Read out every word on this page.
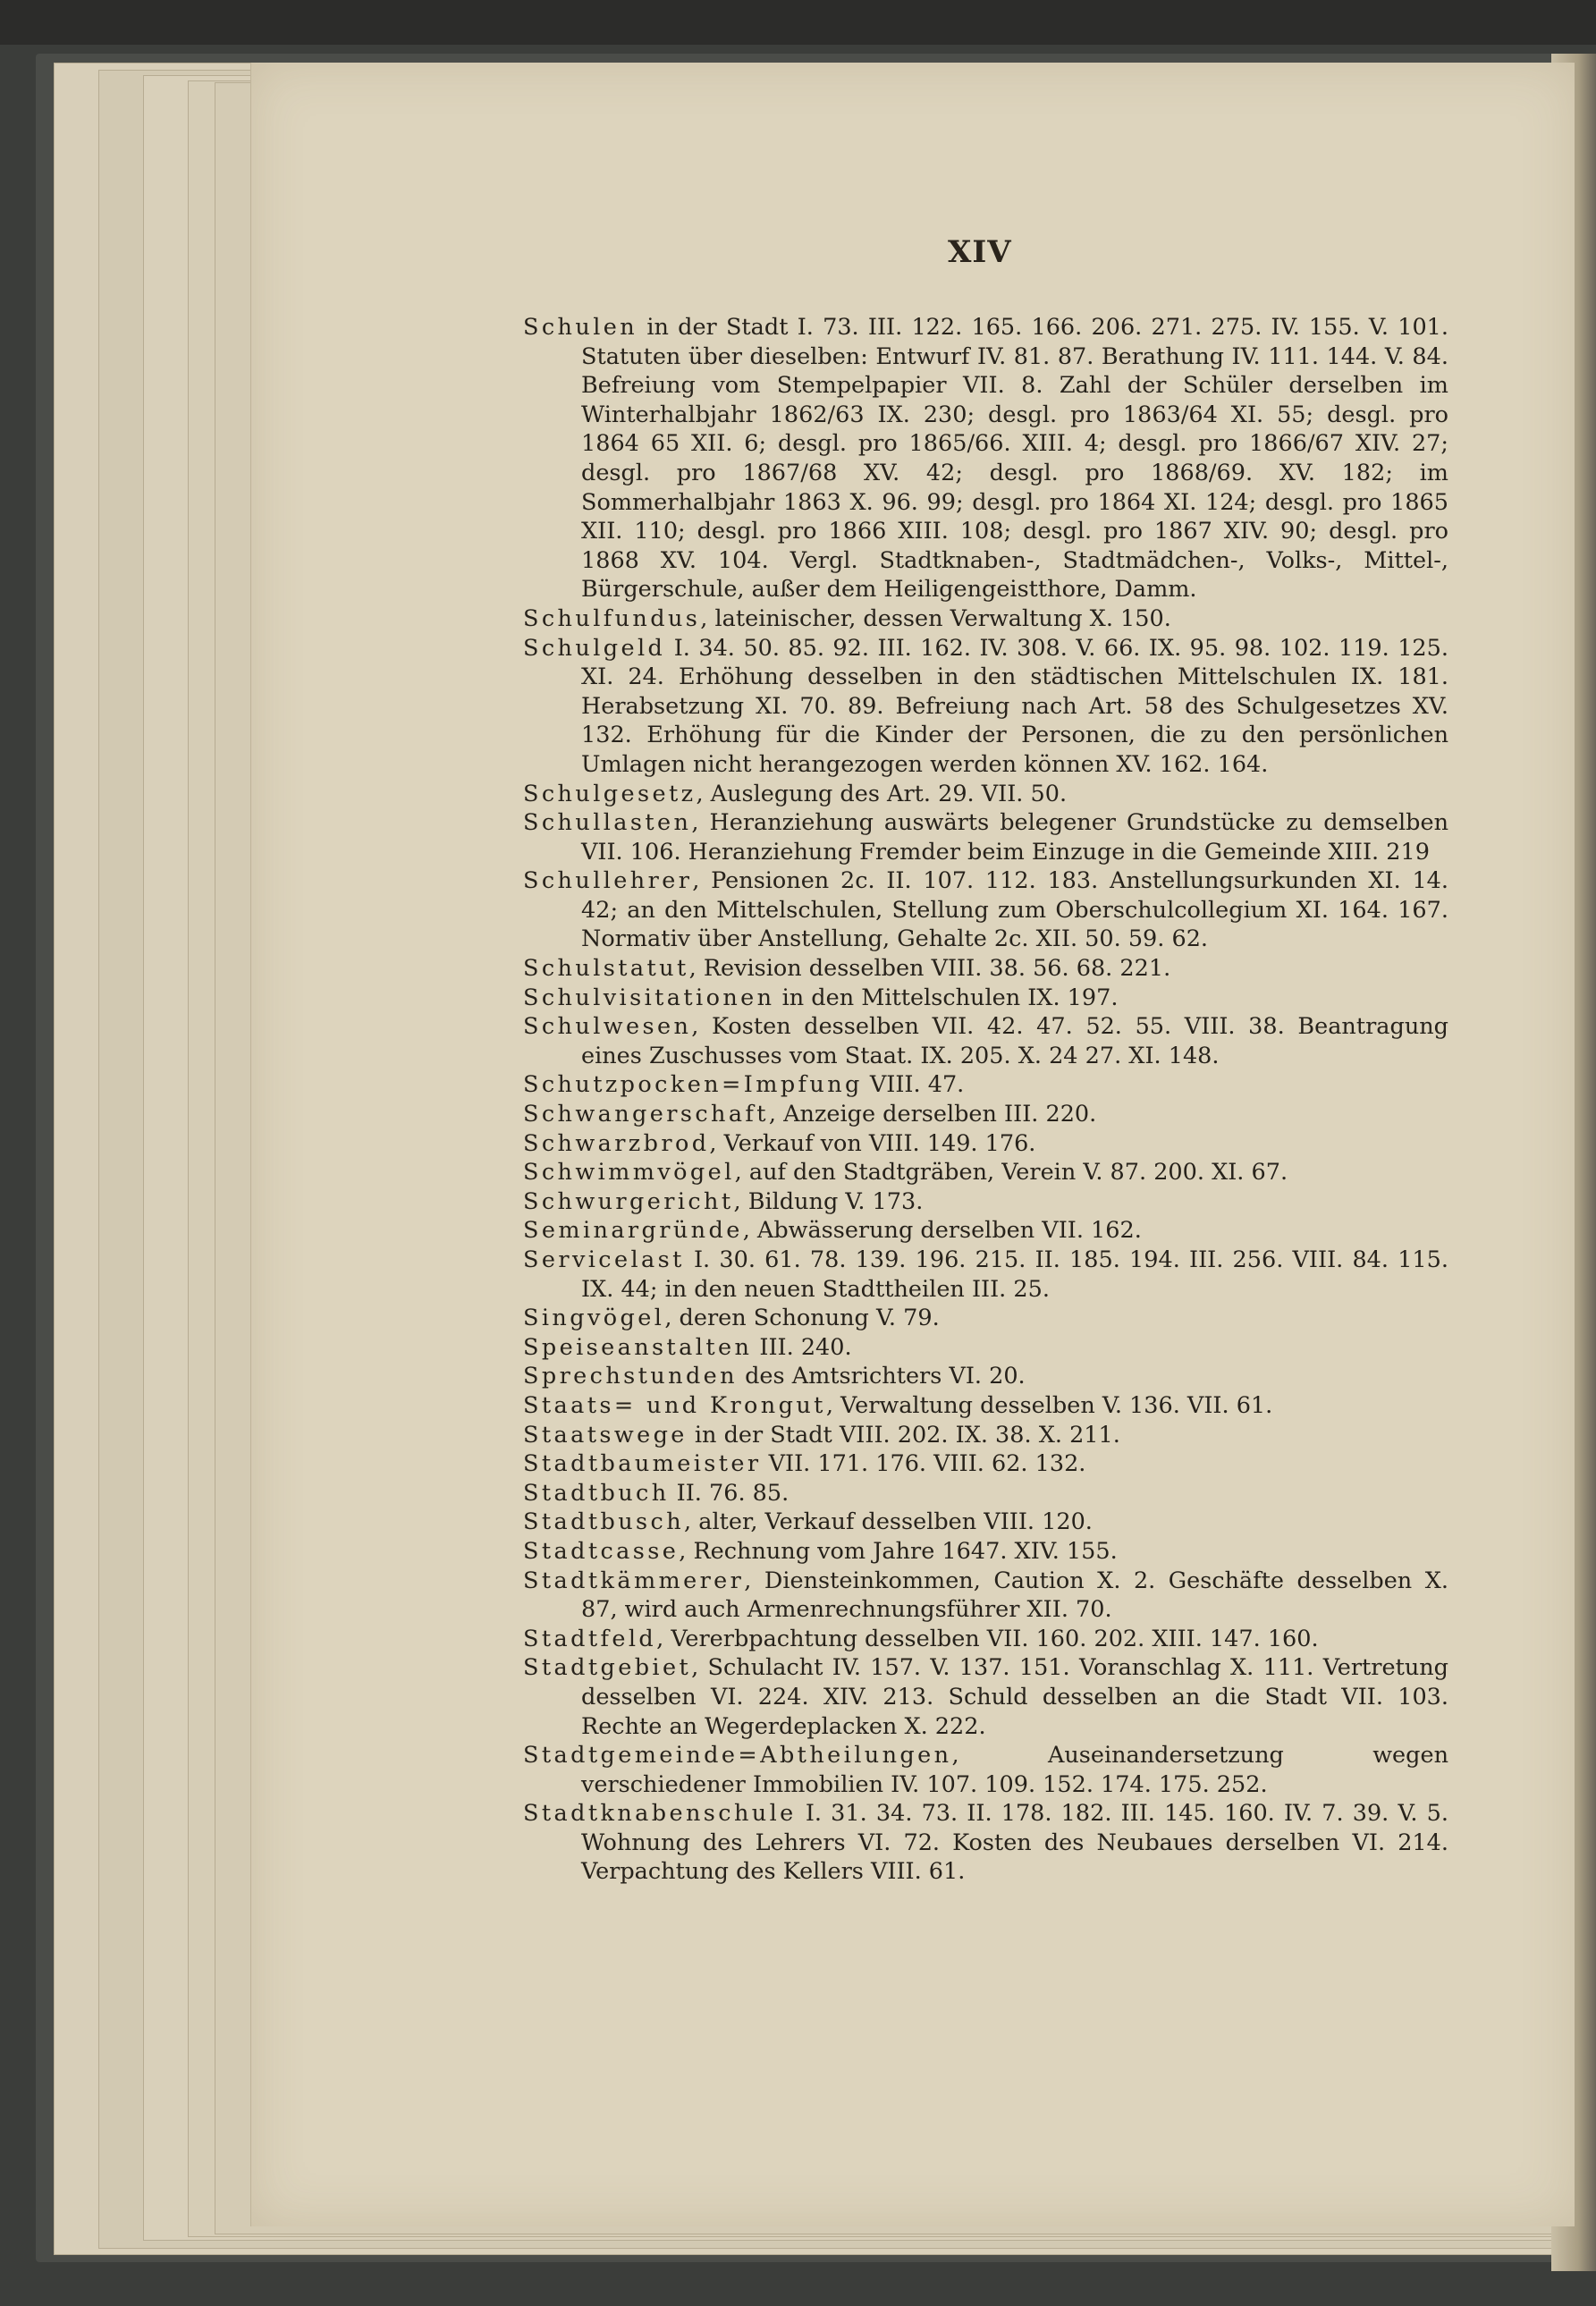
XIV
Schulen in der Stadt I. 73. III. 122. 165. 166. 206. 271. 275. IV. 155. V. 101. Statuten über dieselben: Entwurf IV. 81. 87. Berathung IV. 111. 144. V. 84. Befreiung vom Stempelpapier VII. 8. Zahl der Schüler derselben im Winterhalbjahr 1862/63 IX. 230; desgl. pro 1863/64 XI. 55; desgl. pro 1864 65 XII. 6; desgl. pro 1865/66. XIII. 4; desgl. pro 1866/67 XIV. 27; desgl. pro 1867/68 XV. 42; desgl. pro 1868/69. XV. 182; im Sommerhalbjahr 1863 X. 96. 99; desgl. pro 1864 XI. 124; desgl. pro 1865 XII. 110; desgl. pro 1866 XIII. 108; desgl. pro 1867 XIV. 90; desgl. pro 1868 XV. 104. Vergl. Stadtknaben-, Stadtmädchen-, Volks-, Mittel-, Bürgerschule, außer dem Heiligengeistthore, Damm.
Schulfundus, lateinischer, dessen Verwaltung X. 150.
Schulgeld I. 34. 50. 85. 92. III. 162. IV. 308. V. 66. IX. 95. 98. 102. 119. 125. XI. 24. Erhöhung desselben in den städtischen Mittelschulen IX. 181. Herabsetzung XI. 70. 89. Befreiung nach Art. 58 des Schulgesetzes XV. 132. Erhöhung für die Kinder der Personen, die zu den persönlichen Umlagen nicht herangezogen werden können XV. 162. 164.
Schulgesetz, Auslegung des Art. 29. VII. 50.
Schullasten, Heranziehung auswärts belegener Grundstücke zu demselben VII. 106. Heranziehung Fremder beim Einzuge in die Gemeinde XIII. 219
Schullehrer, Pensionen 2c. II. 107. 112. 183. Anstellungsurkunden XI. 14. 42; an den Mittelschulen, Stellung zum Oberschulcollegium XI. 164. 167. Normativ über Anstellung, Gehalte 2c. XII. 50. 59. 62.
Schulstatut, Revision desselben VIII. 38. 56. 68. 221.
Schulvisitationen in den Mittelschulen IX. 197.
Schulwesen, Kosten desselben VII. 42. 47. 52. 55. VIII. 38. Beantragung eines Zuschusses vom Staat. IX. 205. X. 24 27. XI. 148.
Schutzpocken=Impfung VIII. 47.
Schwangerschaft, Anzeige derselben III. 220.
Schwarzbrod, Verkauf von VIII. 149. 176.
Schwimmvögel, auf den Stadtgräben, Verein V. 87. 200. XI. 67.
Schwurgericht, Bildung V. 173.
Seminargründe, Abwässerung derselben VII. 162.
Servicelast I. 30. 61. 78. 139. 196. 215. II. 185. 194. III. 256. VIII. 84. 115. IX. 44; in den neuen Stadttheilen III. 25.
Singvögel, deren Schonung V. 79.
Speiseanstalten III. 240.
Sprechstunden des Amtsrichters VI. 20.
Staats= und Krongut, Verwaltung desselben V. 136. VII. 61.
Staatswege in der Stadt VIII. 202. IX. 38. X. 211.
Stadtbaumeister VII. 171. 176. VIII. 62. 132.
Stadtbuch II. 76. 85.
Stadtbusch, alter, Verkauf desselben VIII. 120.
Stadtcasse, Rechnung vom Jahre 1647. XIV. 155.
Stadtkämmerer, Diensteinkommen, Caution X. 2. Geschäfte desselben X. 87, wird auch Armenrechnungsführer XII. 70.
Stadtfeld, Vererbpachtung desselben VII. 160. 202. XIII. 147. 160.
Stadtgebiet, Schulacht IV. 157. V. 137. 151. Voranschlag X. 111. Vertretung desselben VI. 224. XIV. 213. Schuld desselben an die Stadt VII. 103. Rechte an Wegerdeplacken X. 222.
Stadtgemeinde=Abtheilungen, Auseinandersetzung wegen verschiedener Immobilien IV. 107. 109. 152. 174. 175. 252.
Stadtknabenschule I. 31. 34. 73. II. 178. 182. III. 145. 160. IV. 7. 39. V. 5. Wohnung des Lehrers VI. 72. Kosten des Neubaues derselben VI. 214. Verpachtung des Kellers VIII. 61.
